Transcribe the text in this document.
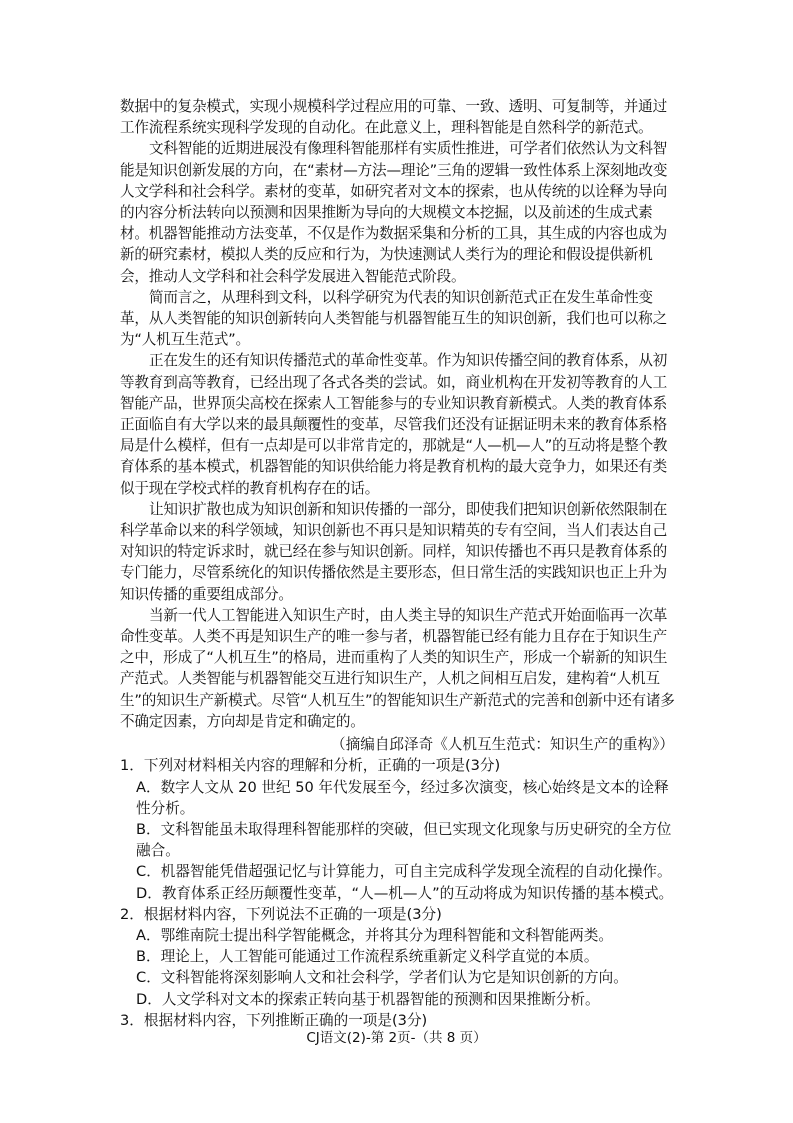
数据中的复杂模式，实现小规模科学过程应用的可靠、一致、透明、可复制等，并通过工作流程系统实现科学发现的自动化。在此意义上，理科智能是自然科学的新范式。

文科智能的近期进展没有像理科智能那样有实质性推进，可学者们依然认为文科智能是知识创新发展的方向，在“素材—方法—理论”三角的逻辑一致性体系上深刻地改变人文学科和社会科学。素材的变革，如研究者对文本的探索，也从传统的以诠释为导向的内容分析法转向以预测和因果推断为导向的大规模文本挖掘，以及前述的生成式素材。机器智能推动方法变革，不仅是作为数据采集和分析的工具，其生成的内容也成为新的研究素材，模拟人类的反应和行为，为快速测试人类行为的理论和假设提供新机会，推动人文学科和社会科学发展进入智能范式阶段。

简而言之，从理科到文科，以科学研究为代表的知识创新范式正在发生革命性变革，从人类智能的知识创新转向人类智能与机器智能互生的知识创新，我们也可以称之为“人机互生范式”。

正在发生的还有知识传播范式的革命性变革。作为知识传播空间的教育体系，从初等教育到高等教育，已经出现了各式各类的尝试。如，商业机构在开发初等教育的人工智能产品，世界顶尖高校在探索人工智能参与的专业知识教育新模式。人类的教育体系正面临自有大学以来的最具颠覆性的变革，尽管我们还没有证据证明未来的教育体系格局是什么模样，但有一点却是可以非常肯定的，那就是“人—机—人”的互动将是整个教育体系的基本模式，机器智能的知识供给能力将是教育机构的最大竞争力，如果还有类似于现在学校式样的教育机构存在的话。

让知识扩散也成为知识创新和知识传播的一部分，即使我们把知识创新依然限制在科学革命以来的科学领域，知识创新也不再只是知识精英的专有空间，当人们表达自己对知识的特定诉求时，就已经在参与知识创新。同样，知识传播也不再只是教育体系的专门能力，尽管系统化的知识传播依然是主要形态，但日常生活的实践知识也正上升为知识传播的重要组成部分。

当新一代人工智能进入知识生产时，由人类主导的知识生产范式开始面临再一次革命性变革。人类不再是知识生产的唯一参与者，机器智能已经有能力且存在于知识生产之中，形成了“人机互生”的格局，进而重构了人类的知识生产，形成一个崭新的知识生产范式。人类智能与机器智能交互进行知识生产，人机之间相互启发，建构着“人机互生”的知识生产新模式。尽管“人机互生”的智能知识生产新范式的完善和创新中还有诸多不确定因素，方向却是肯定和确定的。

（摘编自邱泽奇《人机互生范式：知识生产的重构》）

1．下列对材料相关内容的理解和分析，正确的一项是(3分)

A．数字人文从 20 世纪 50 年代发展至今，经过多次演变，核心始终是文本的诠释性分析。

B．文科智能虽未取得理科智能那样的突破，但已实现文化现象与历史研究的全方位融合。

C．机器智能凭借超强记忆与计算能力，可自主完成科学发现全流程的自动化操作。

D．教育体系正经历颠覆性变革，“人—机—人”的互动将成为知识传播的基本模式。

2．根据材料内容，下列说法不正确的一项是(3分)

A．鄂维南院士提出科学智能概念，并将其分为理科智能和文科智能两类。

B．理论上，人工智能可能通过工作流程系统重新定义科学直觉的本质。

C．文科智能将深刻影响人文和社会科学，学者们认为它是知识创新的方向。

D．人文学科对文本的探索正转向基于机器智能的预测和因果推断分析。

3．根据材料内容，下列推断正确的一项是(3分)

CJ语文(2)-第 2页-（共 8 页）
